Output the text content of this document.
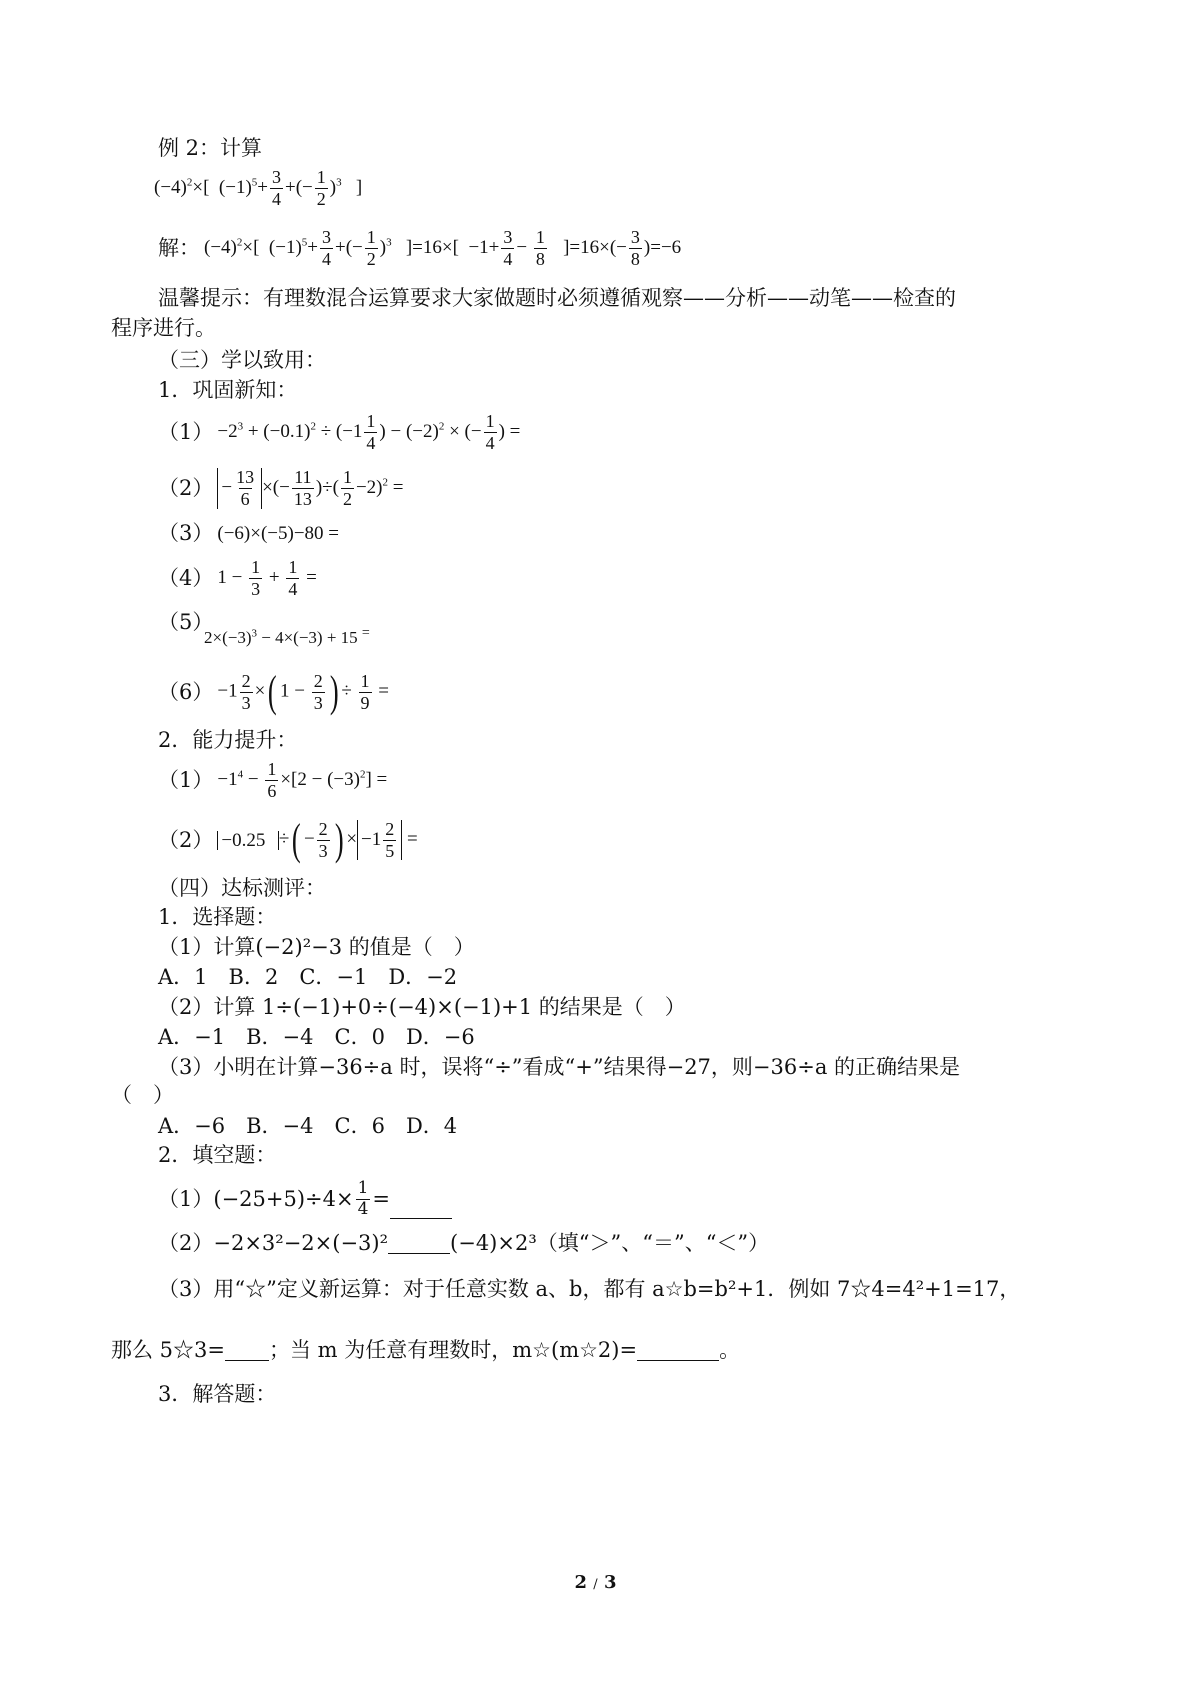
例 2：计算
$(-4)^2\times$[  $(-1)^5+ \frac{3}{4}$ +(− $\frac{1}{2} )^3$   ]
解： $(-4)^2\times$[  $(-1)^5+ \frac{3}{4}$ +(− $\frac{1}{2} )^3$   ]$=16\times[ -1+ \frac{3}{4} - \frac{1}{8} ]=16\times(- \frac{3}{8} )=-6$
温馨提示：有理数混合运算要求大家做题时必须遵循观察——分析——动笔——检查的
程序进行。
（三）学以致用：
1．巩固新知：
$(1) -2^3 + (-0.1)^2 \div (-1 \frac{1}{4}$ ) − $(-2)^2$ × (− $\frac{1}{4}$ ) =
$(2) - \frac{13}{6}$ ×(− $\frac{11}{13}$ )÷( $\frac{1}{2} -2)^2$ =
（3） (−6)×(−5)−80 =
（4） $1 - \frac{1}{3} + \frac{1}{4}$ =
（5）
$2\times(-3)^3 - 4\times(-3) + 15$ =
$(6) -1 \frac{2}{3}$ ×( $1 - \frac{2}{3}$ ) ÷ $\frac{1}{9}$ =
2．能力提升：
$(1) -1^4 - \frac{1}{6} \times[2 - (-3)^2]$ =
（2） −0.25  ÷( − $\frac{2}{3}$ ) × $-1 \frac{2}{5}$ =
（四）达标测评：
1．选择题：
（1）计算(−2)²−3 的值是（　）
A．1　B．2　C．−1　D．−2
（2）计算 1÷(−1)+0÷(−4)×(−1)+1 的结果是（　）
A．−1　B．−4　C．0　D．−6
（3）小明在计算−36÷a 时，误将“÷”看成“+”结果得−27，则−36÷a 的正确结果是
（　）
A．−6　B．−4　C．6　D．4
2．填空题：
$(1)(-25+5)\div 4\times \frac{1}{4}$ =
（2）−2×3²−2×(−3)²	(−4)×2³（填“＞”、“＝”、“＜”）
（3）用“☆”定义新运算：对于任意实数 a、b，都有 a☆b=b²+1．例如 7☆4=4²+1=17，
那么 5☆3= ；当 m 为任意有理数时，m☆(m☆2)=	。
3．解答题：
2 / 3
